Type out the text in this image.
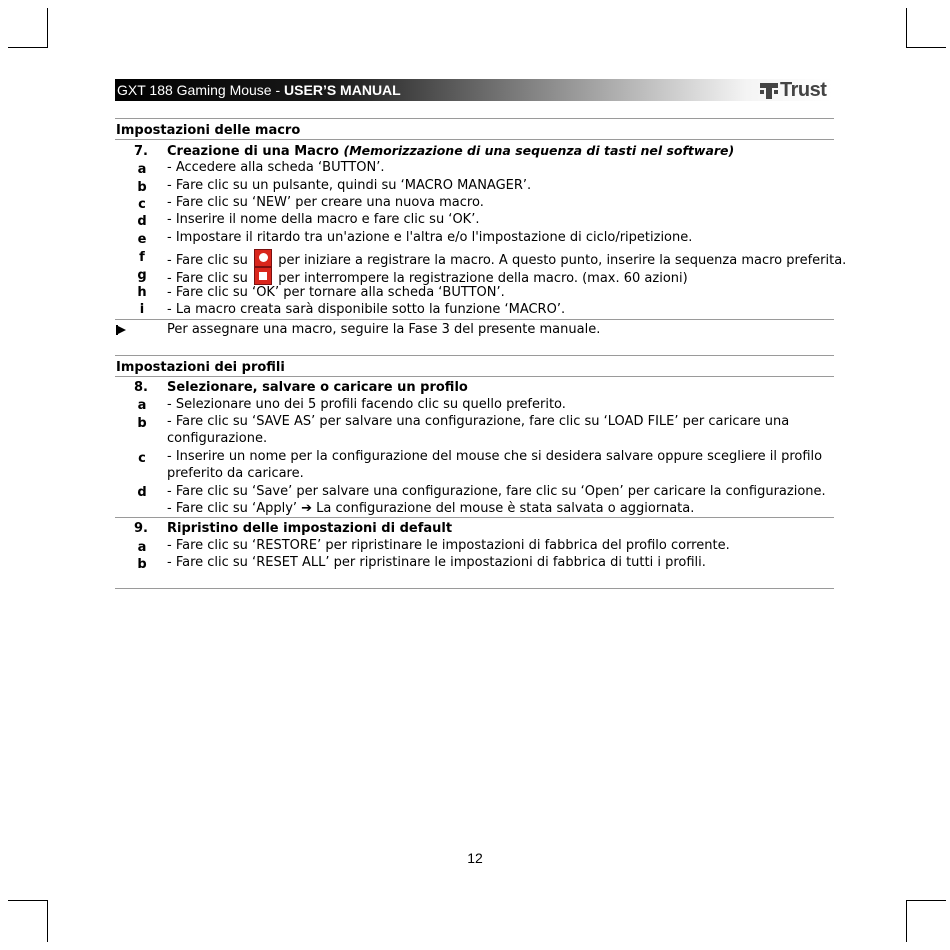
GXT 188 Gaming Mouse - USER’S MANUAL	Trust
Impostazioni delle macro
7. Creazione di una Macro (Memorizzazione di una sequenza di tasti nel software)
a - Accedere alla scheda ‘BUTTON’.
b - Fare clic su un pulsante, quindi su ‘MACRO MANAGER’.
c - Fare clic su ‘NEW’ per creare una nuova macro.
d - Inserire il nome della macro e fare clic su ‘OK’.
e - Impostare il ritardo tra un'azione e l'altra e/o l'impostazione di ciclo/ripetizione.
f - Fare clic su per iniziare a registrare la macro. A questo punto, inserire la sequenza macro preferita.
g - Fare clic su per interrompere la registrazione della macro. (max. 60 azioni)
h - Fare clic su ‘OK’ per tornare alla scheda ‘BUTTON’.
i - La macro creata sarà disponibile sotto la funzione ‘MACRO’.
Per assegnare una macro, seguire la Fase 3 del presente manuale.
Impostazioni dei profili
8. Selezionare, salvare o caricare un profilo
a - Selezionare uno dei 5 profili facendo clic su quello preferito.
b - Fare clic su ‘SAVE AS’ per salvare una configurazione, fare clic su ‘LOAD FILE’ per caricare una
configurazione.
c - Inserire un nome per la configurazione del mouse che si desidera salvare oppure scegliere il profilo
preferito da caricare.
d - Fare clic su ‘Save’ per salvare una configurazione, fare clic su ‘Open’ per caricare la configurazione.
- Fare clic su ‘Apply’ ➔ La configurazione del mouse è stata salvata o aggiornata.
9. Ripristino delle impostazioni di default
a - Fare clic su ‘RESTORE’ per ripristinare le impostazioni di fabbrica del profilo corrente.
b - Fare clic su ‘RESET ALL’ per ripristinare le impostazioni di fabbrica di tutti i profili.
12
